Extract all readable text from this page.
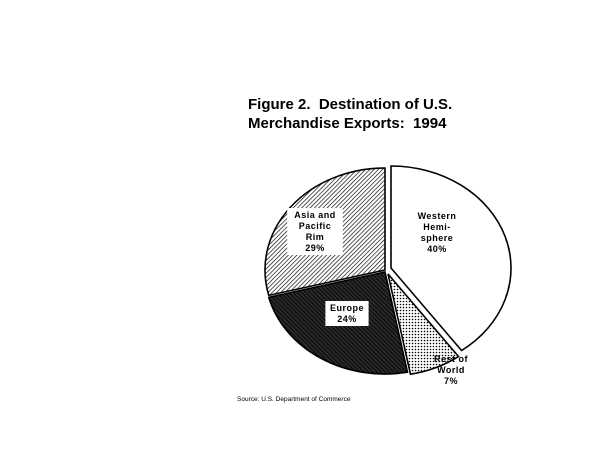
Figure 2.  Destination of U.S.
Merchandise Exports:  1994
Western
Hemi-
sphere
40%
Rest of
World
7%
Europe
24%
Asia and
Pacific
Rim
29%
Source: U.S. Department of Commerce
